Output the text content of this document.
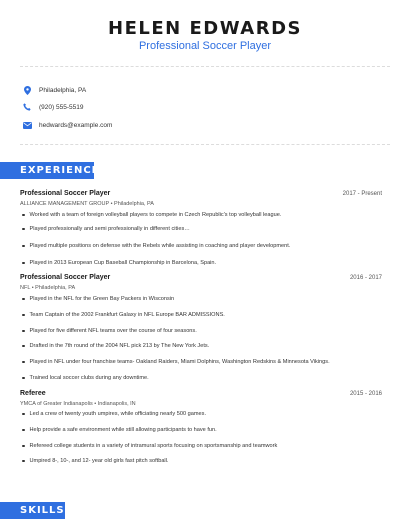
HELEN EDWARDS
Professional Soccer Player
Philadelphia, PA
(920) 555-5519
hedwards@example.com
EXPERIENCE
Professional Soccer Player	2017 - Present
ALLIANCE MANAGEMENT GROUP • Philadelphia, PA
Worked with a team of foreign volleyball players to compete in Czech Republic's top volleyball league.
Played professionally and semi professionally in different cities…
Played multiple positions on defense with the Rebels while assisting in coaching and player development.
Played in 2013 European Cup Baseball Championship in Barcelona, Spain.
Professional Soccer Player	2016 - 2017
NFL • Philadelphia, PA
Played in the NFL for the Green Bay Packers in Wisconsin
Team Captain of the 2002 Frankfurt Galaxy in NFL Europe BAR ADMISSIONS.
Played for five different NFL teams over the course of four seasons.
Drafted in the 7th round of the 2004 NFL pick 213 by The New York Jets.
Played in NFL under four franchise teams- Oakland Raiders, Miami Dolphins, Washington Redskins & Minnesota Vikings.
Trained local soccer clubs during any downtime.
Referee	2015 - 2016
YMCA of Greater Indianapolis • Indianapolis, IN
Led a crew of twenty youth umpires, while officiating nearly 500 games.
Help provide a safe environment while still allowing participants to have fun.
Refereed college students in a variety of intramural sports focusing on sportsmanship and teamwork
Umpired 8-, 10-, and 12- year old girls fast pitch softball.
SKILLS
